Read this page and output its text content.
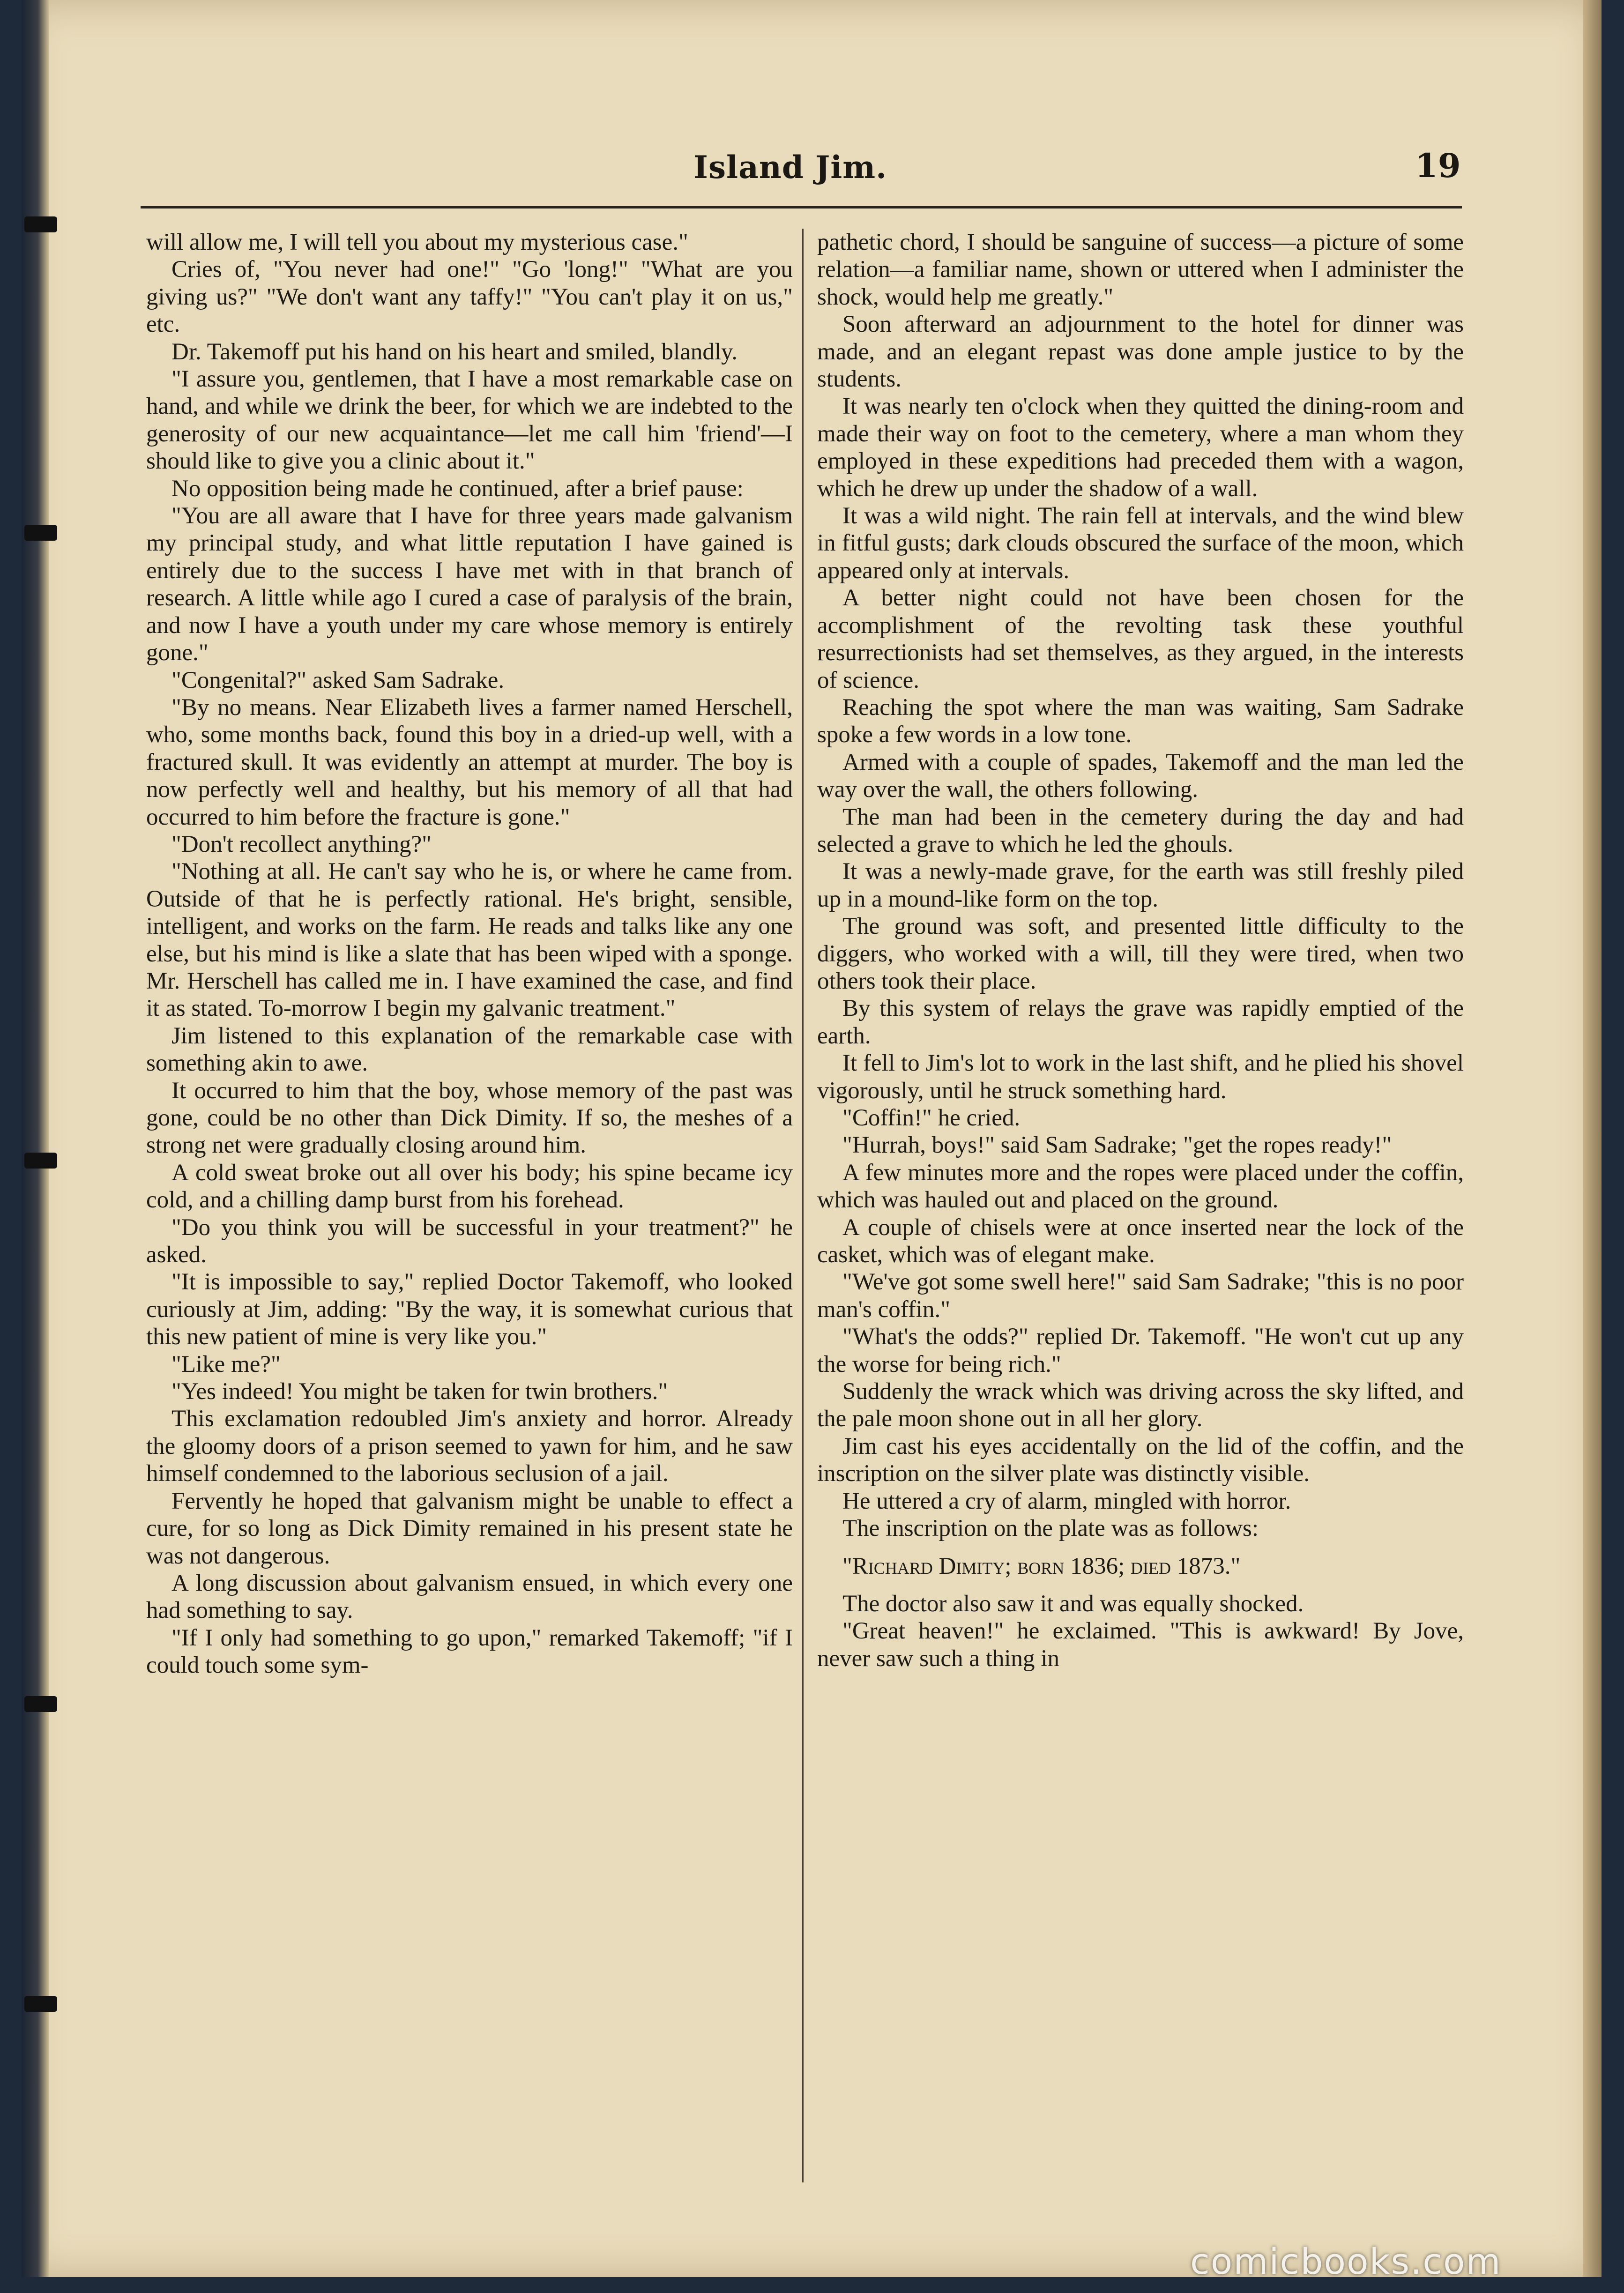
Island Jim.	19

will allow me, I will tell you about my mysterious case."

Cries of, "You never had one!" "Go 'long!" "What are you giving us?" "We don't want any taffy!" "You can't play it on us," etc.

Dr. Takemoff put his hand on his heart and smiled, blandly.

"I assure you, gentlemen, that I have a most remarkable case on hand, and while we drink the beer, for which we are indebted to the generosity of our new acquaintance—let me call him 'friend'—I should like to give you a clinic about it."

No opposition being made he continued, after a brief pause:

"You are all aware that I have for three years made galvanism my principal study, and what little reputation I have gained is entirely due to the success I have met with in that branch of research. A little while ago I cured a case of paralysis of the brain, and now I have a youth under my care whose memory is entirely gone."

"Congenital?" asked Sam Sadrake.

"By no means. Near Elizabeth lives a farmer named Herschell, who, some months back, found this boy in a dried-up well, with a fractured skull. It was evidently an attempt at murder. The boy is now perfectly well and healthy, but his memory of all that had occurred to him before the fracture is gone."

"Don't recollect anything?"

"Nothing at all. He can't say who he is, or where he came from. Outside of that he is perfectly rational. He's bright, sensible, intelligent, and works on the farm. He reads and talks like any one else, but his mind is like a slate that has been wiped with a sponge. Mr. Herschell has called me in. I have examined the case, and find it as stated. To-morrow I begin my galvanic treatment."

Jim listened to this explanation of the remarkable case with something akin to awe.

It occurred to him that the boy, whose memory of the past was gone, could be no other than Dick Dimity. If so, the meshes of a strong net were gradually closing around him.

A cold sweat broke out all over his body; his spine became icy cold, and a chilling damp burst from his forehead.

"Do you think you will be successful in your treatment?" he asked.

"It is impossible to say," replied Doctor Takemoff, who looked curiously at Jim, adding: "By the way, it is somewhat curious that this new patient of mine is very like you."

"Like me?"

"Yes indeed! You might be taken for twin brothers."

This exclamation redoubled Jim's anxiety and horror. Already the gloomy doors of a prison seemed to yawn for him, and he saw himself condemned to the laborious seclusion of a jail.

Fervently he hoped that galvanism might be unable to effect a cure, for so long as Dick Dimity remained in his present state he was not dangerous.

A long discussion about galvanism ensued, in which every one had something to say.

"If I only had something to go upon," remarked Takemoff; "if I could touch some sym-

pathetic chord, I should be sanguine of success—a picture of some relation—a familiar name, shown or uttered when I administer the shock, would help me greatly."

Soon afterward an adjournment to the hotel for dinner was made, and an elegant repast was done ample justice to by the students.

It was nearly ten o'clock when they quitted the dining-room and made their way on foot to the cemetery, where a man whom they employed in these expeditions had preceded them with a wagon, which he drew up under the shadow of a wall.

It was a wild night. The rain fell at intervals, and the wind blew in fitful gusts; dark clouds obscured the surface of the moon, which appeared only at intervals.

A better night could not have been chosen for the accomplishment of the revolting task these youthful resurrectionists had set themselves, as they argued, in the interests of science.

Reaching the spot where the man was waiting, Sam Sadrake spoke a few words in a low tone.

Armed with a couple of spades, Takemoff and the man led the way over the wall, the others following.

The man had been in the cemetery during the day and had selected a grave to which he led the ghouls.

It was a newly-made grave, for the earth was still freshly piled up in a mound-like form on the top.

The ground was soft, and presented little difficulty to the diggers, who worked with a will, till they were tired, when two others took their place.

By this system of relays the grave was rapidly emptied of the earth.

It fell to Jim's lot to work in the last shift, and he plied his shovel vigorously, until he struck something hard.

"Coffin!" he cried.

"Hurrah, boys!" said Sam Sadrake; "get the ropes ready!"

A few minutes more and the ropes were placed under the coffin, which was hauled out and placed on the ground.

A couple of chisels were at once inserted near the lock of the casket, which was of elegant make.

"We've got some swell here!" said Sam Sadrake; "this is no poor man's coffin."

"What's the odds?" replied Dr. Takemoff. "He won't cut up any the worse for being rich."

Suddenly the wrack which was driving across the sky lifted, and the pale moon shone out in all her glory.

Jim cast his eyes accidentally on the lid of the coffin, and the inscription on the silver plate was distinctly visible.

He uttered a cry of alarm, mingled with horror.

The inscription on the plate was as follows:

"Richard Dimity; born 1836; died 1873."

The doctor also saw it and was equally shocked.

"Great heaven!" he exclaimed. "This is awkward! By Jove, never saw such a thing in

comicbooks.com
